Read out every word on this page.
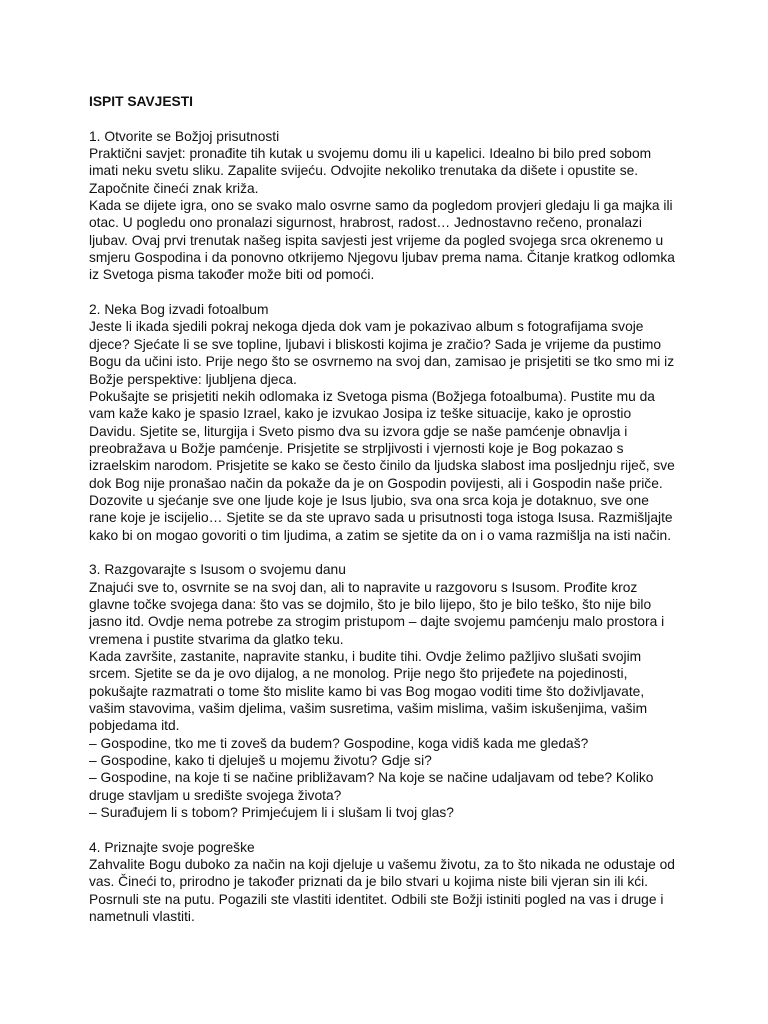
ISPIT SAVJESTI
1. Otvorite se Božjoj prisutnosti
Praktični savjet: pronađite tih kutak u svojemu domu ili u kapelici. Idealno bi bilo pred sobom
imati neku svetu sliku. Zapalite svijeću. Odvojite nekoliko trenutaka da dišete i opustite se.
Započnite čineći znak križa.
Kada se dijete igra, ono se svako malo osvrne samo da pogledom provjeri gledaju li ga majka ili
otac. U pogledu ono pronalazi sigurnost, hrabrost, radost… Jednostavno rečeno, pronalazi
ljubav. Ovaj prvi trenutak našeg ispita savjesti jest vrijeme da pogled svojega srca okrenemo u
smjeru Gospodina i da ponovno otkrijemo Njegovu ljubav prema nama. Čitanje kratkog odlomka
iz Svetoga pisma također može biti od pomoći.
2. Neka Bog izvadi fotoalbum
Jeste li ikada sjedili pokraj nekoga djeda dok vam je pokazivao album s fotografijama svoje
djece? Sjećate li se sve topline, ljubavi i bliskosti kojima je zračio? Sada je vrijeme da pustimo
Bogu da učini isto. Prije nego što se osvrnemo na svoj dan, zamisao je prisjetiti se tko smo mi iz
Božje perspektive: ljubljena djeca.
Pokušajte se prisjetiti nekih odlomaka iz Svetoga pisma (Božjega fotoalbuma). Pustite mu da
vam kaže kako je spasio Izrael, kako je izvukao Josipa iz teške situacije, kako je oprostio
Davidu. Sjetite se, liturgija i Sveto pismo dva su izvora gdje se naše pamćenje obnavlja i
preobražava u Božje pamćenje. Prisjetite se strpljivosti i vjernosti koje je Bog pokazao s
izraelskim narodom. Prisjetite se kako se često činilo da ljudska slabost ima posljednju riječ, sve
dok Bog nije pronašao način da pokaže da je on Gospodin povijesti, ali i Gospodin naše priče.
Dozovite u sjećanje sve one ljude koje je Isus ljubio, sva ona srca koja je dotaknuo, sve one
rane koje je iscijelio… Sjetite se da ste upravo sada u prisutnosti toga istoga Isusa. Razmišljajte
kako bi on mogao govoriti o tim ljudima, a zatim se sjetite da on i o vama razmišlja na isti način.
3. Razgovarajte s Isusom o svojemu danu
Znajući sve to, osvrnite se na svoj dan, ali to napravite u razgovoru s Isusom. Prođite kroz
glavne točke svojega dana: što vas se dojmilo, što je bilo lijepo, što je bilo teško, što nije bilo
jasno itd. Ovdje nema potrebe za strogim pristupom – dajte svojemu pamćenju malo prostora i
vremena i pustite stvarima da glatko teku.
Kada završite, zastanite, napravite stanku, i budite tihi. Ovdje želimo pažljivo slušati svojim
srcem. Sjetite se da je ovo dijalog, a ne monolog. Prije nego što prijeđete na pojedinosti,
pokušajte razmatrati o tome što mislite kamo bi vas Bog mogao voditi time što doživljavate,
vašim stavovima, vašim djelima, vašim susretima, vašim mislima, vašim iskušenjima, vašim
pobjedama itd.
– Gospodine, tko me ti zoveš da budem? Gospodine, koga vidiš kada me gledaš?
– Gospodine, kako ti djeluješ u mojemu životu? Gdje si?
– Gospodine, na koje ti se načine približavam? Na koje se načine udaljavam od tebe? Koliko
druge stavljam u središte svojega života?
– Surađujem li s tobom? Primjećujem li i slušam li tvoj glas?
4. Priznajte svoje pogreške
Zahvalite Bogu duboko za način na koji djeluje u vašemu životu, za to što nikada ne odustaje od
vas. Čineći to, prirodno je također priznati da je bilo stvari u kojima niste bili vjeran sin ili kći.
Posrnuli ste na putu. Pogazili ste vlastiti identitet. Odbili ste Božji istiniti pogled na vas i druge i
nametnuli vlastiti.
